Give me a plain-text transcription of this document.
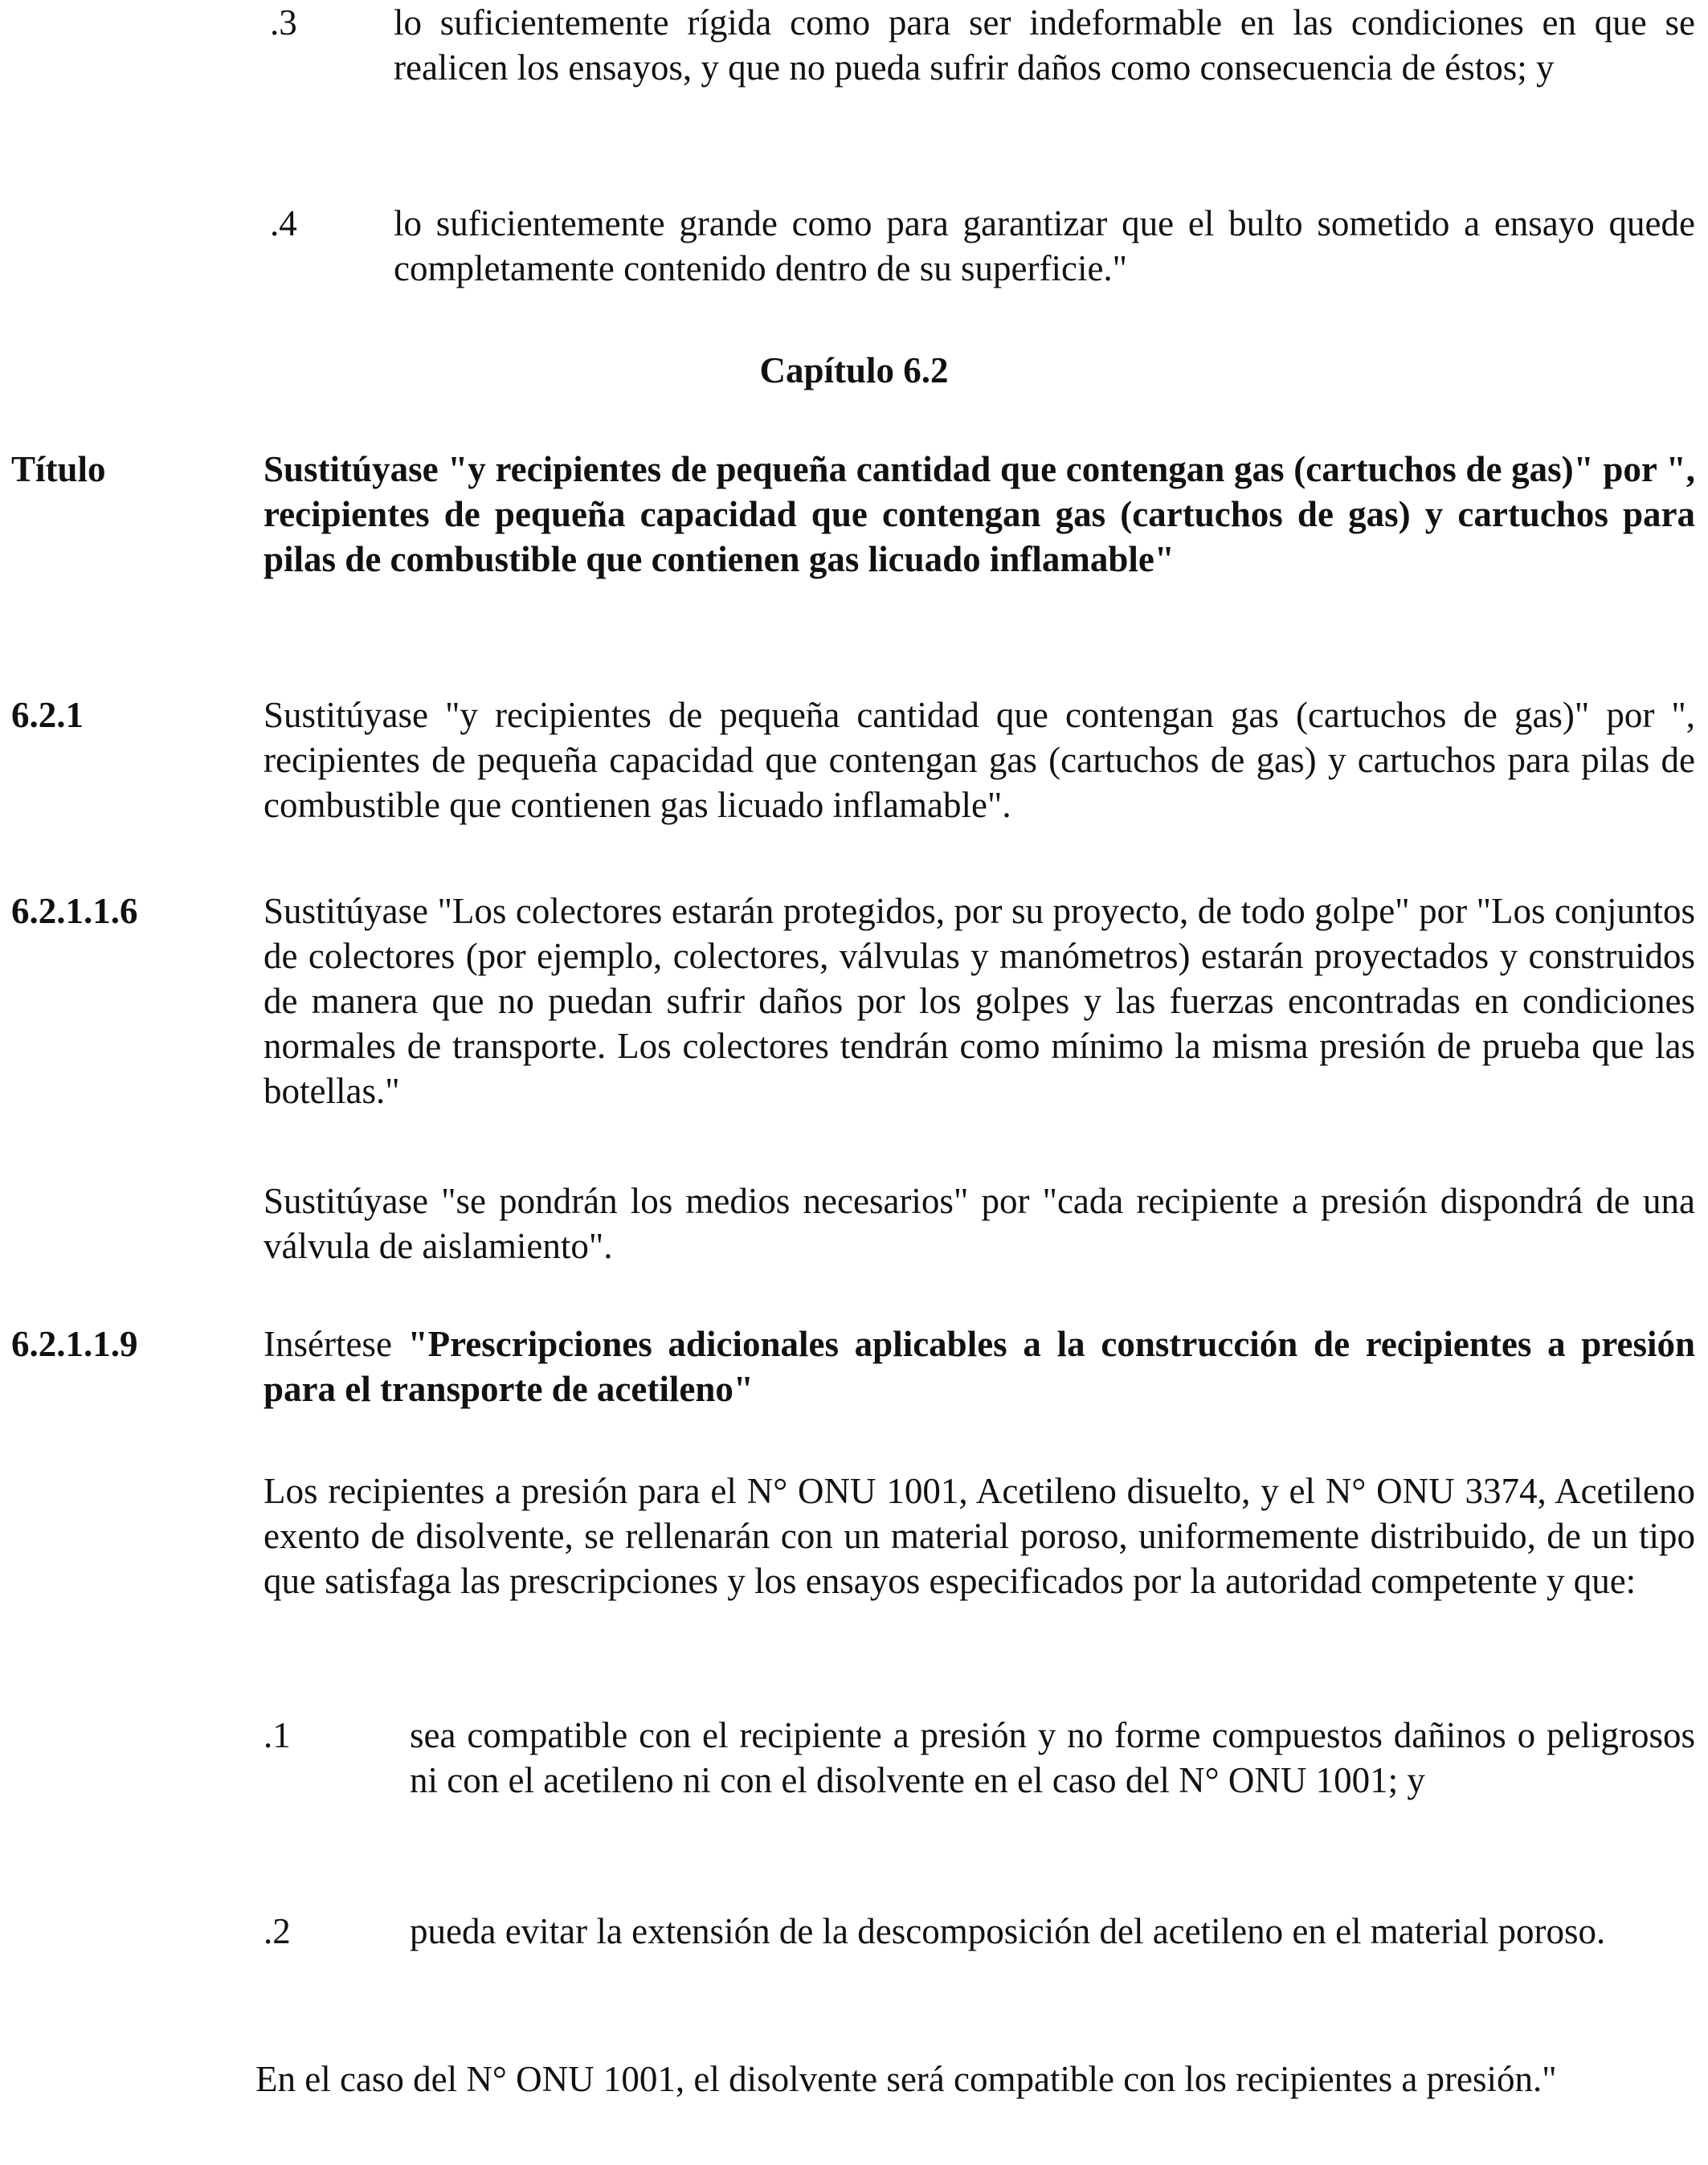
.3	lo suficientemente rígida como para ser indeformable en las condiciones en que se realicen los ensayos, y que no pueda sufrir daños como consecuencia de éstos; y
.4	lo suficientemente grande como para garantizar que el bulto sometido a ensayo quede completamente contenido dentro de su superficie."
Capítulo 6.2
Título	Sustitúyase "y recipientes de pequeña cantidad que contengan gas (cartuchos de gas)" por ", recipientes de pequeña capacidad que contengan gas (cartuchos de gas) y cartuchos para pilas de combustible que contienen gas licuado inflamable"
6.2.1	Sustitúyase "y recipientes de pequeña cantidad que contengan gas (cartuchos de gas)" por ", recipientes de pequeña capacidad que contengan gas (cartuchos de gas) y cartuchos para pilas de combustible que contienen gas licuado inflamable".
6.2.1.1.6	Sustitúyase "Los colectores estarán protegidos, por su proyecto, de todo golpe" por "Los conjuntos de colectores (por ejemplo, colectores, válvulas y manómetros) estarán proyectados y construidos de manera que no puedan sufrir daños por los golpes y las fuerzas encontradas en condiciones normales de transporte. Los colectores tendrán como mínimo la misma presión de prueba que las botellas."
Sustitúyase "se pondrán los medios necesarios" por "cada recipiente a presión dispondrá de una válvula de aislamiento".
6.2.1.1.9	Insértese "Prescripciones adicionales aplicables a la construcción de recipientes a presión para el transporte de acetileno"
Los recipientes a presión para el N° ONU 1001, Acetileno disuelto, y el N° ONU 3374, Acetileno exento de disolvente, se rellenarán con un material poroso, uniformemente distribuido, de un tipo que satisfaga las prescripciones y los ensayos especificados por la autoridad competente y que:
.1	sea compatible con el recipiente a presión y no forme compuestos dañinos o peligrosos ni con el acetileno ni con el disolvente en el caso del N° ONU 1001; y
.2	pueda evitar la extensión de la descomposición del acetileno en el material poroso.
En el caso del N° ONU 1001, el disolvente será compatible con los recipientes a presión."
